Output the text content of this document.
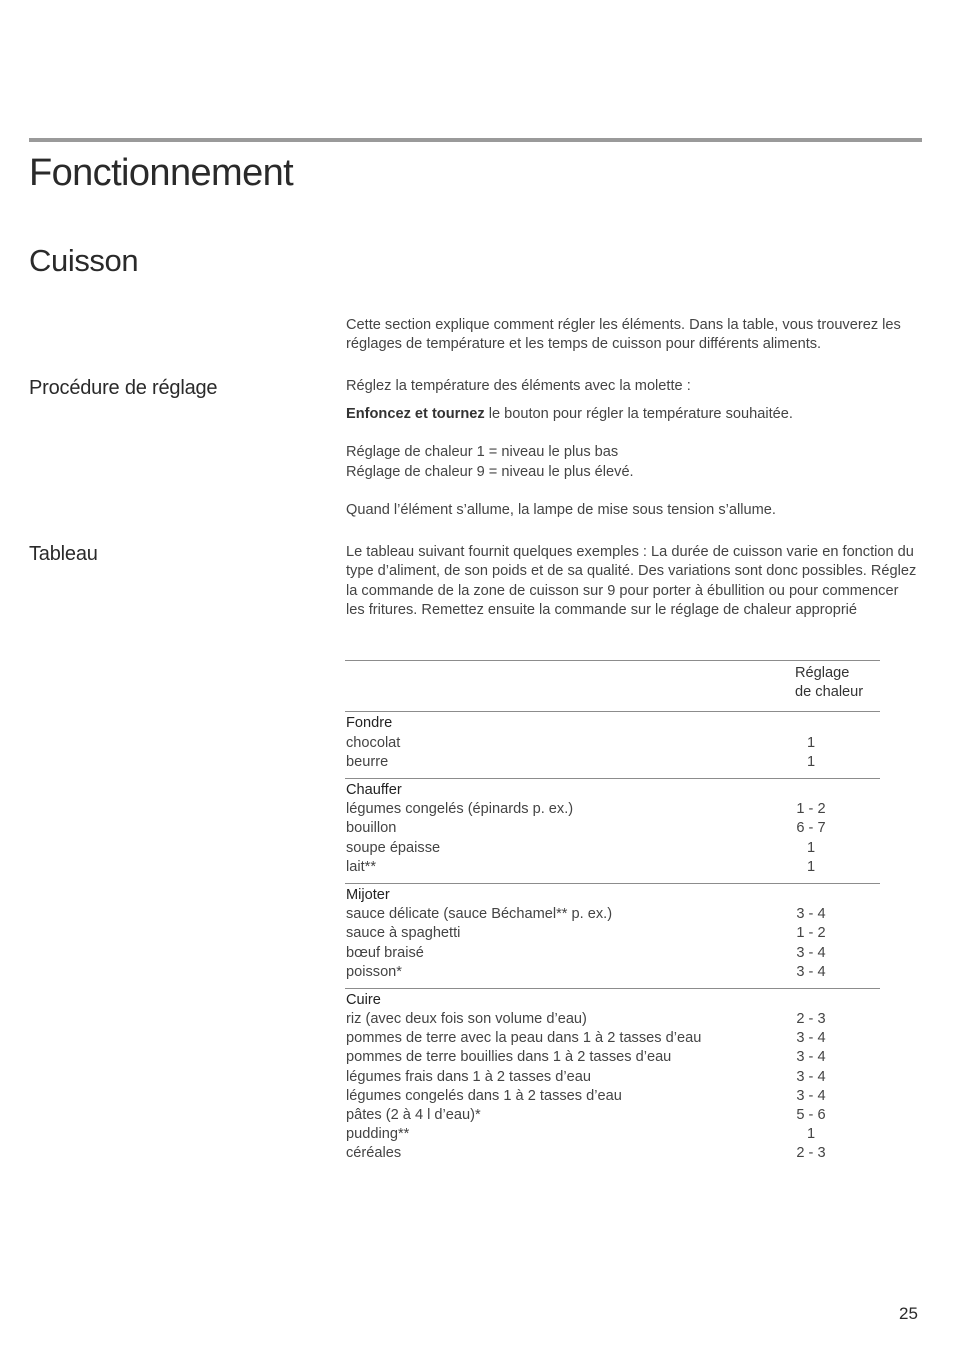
Fonctionnement
Cuisson
Cette section explique comment régler les éléments. Dans la table, vous trouverez les réglages de température et les temps de cuisson pour différents aliments.
Procédure de réglage	Réglez la température des éléments avec la molette :
Enfoncez et tournez le bouton pour régler la température souhaitée.
Réglage de chaleur 1 = niveau le plus bas
Réglage de chaleur 9 = niveau le plus élevé.
Quand l’élément s’allume, la lampe de mise sous tension s’allume.
Tableau	Le tableau suivant fournit quelques exemples : La durée de cuisson varie en fonction du type d’aliment, de son poids et de sa qualité. Des variations sont donc possibles. Réglez la commande de la zone de cuisson sur 9 pour porter à ébullition ou pour commencer les fritures. Remettez ensuite la commande sur le réglage de chaleur approprié
Réglage
de chaleur
Fondre
chocolat	1
beurre	1
Chauffer
légumes congelés (épinards p. ex.)	1 - 2
bouillon	6 - 7
soupe épaisse	1
lait**	1
Mijoter
sauce délicate (sauce Béchamel** p. ex.)	3 - 4
sauce à spaghetti	1 - 2
bœuf braisé	3 - 4
poisson*	3 - 4
Cuire
riz (avec deux fois son volume d’eau)	2 - 3
pommes de terre avec la peau dans 1 à 2 tasses d’eau	3 - 4
pommes de terre bouillies dans 1 à 2 tasses d’eau	3 - 4
légumes frais dans 1 à 2 tasses d’eau	3 - 4
légumes congelés dans 1 à 2 tasses d’eau	3 - 4
pâtes (2 à 4 l d’eau)*	5 - 6
pudding**	1
céréales	2 - 3
25
